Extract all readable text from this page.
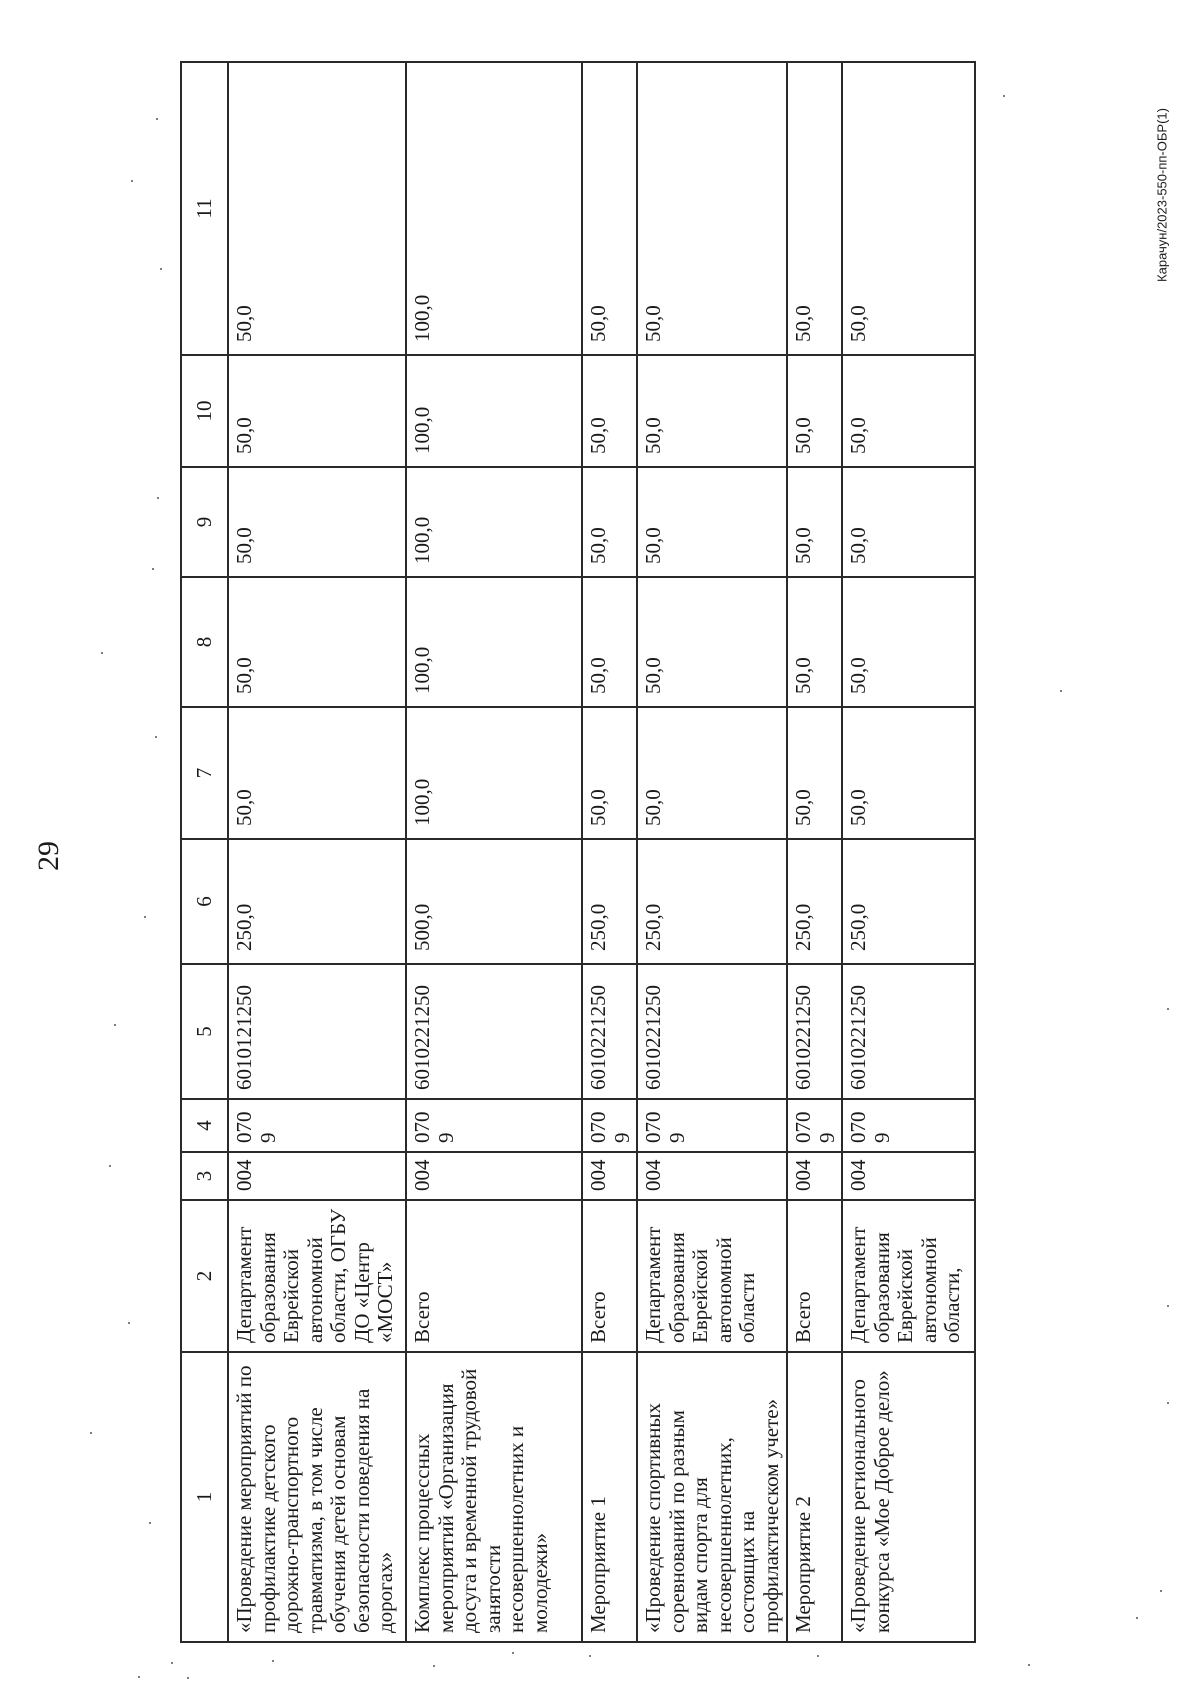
29
Карачун/2023-550-пп-ОБР(1)
1	2	3	4	5	6	7	8	9	10	11
«Проведение мероприятий по профилактике детского дорожно-транспортного травматизма, в том числе обучения детей основам безопасности поведения на дорогах»	Департамент образования Еврейской автономной области, ОГБУ ДО «Центр «МОСТ»	004	0709	6010121250	250,0	50,0	50,0	50,0	50,0	50,0
Комплекс процессных мероприятий «Организация досуга и временной трудовой занятости несовершеннолетних и молодежи»	Всего	004	0709	6010221250	500,0	100,0	100,0	100,0	100,0	100,0
Мероприятие 1	Всего	004	0709	6010221250	250,0	50,0	50,0	50,0	50,0	50,0
«Проведение спортивных соревнований по разным видам спорта для несовершеннолетних, состоящих на профилактическом учете»	Департамент образования Еврейской автономной области	004	0709	6010221250	250,0	50,0	50,0	50,0	50,0	50,0
Мероприятие 2	Всего	004	0709	6010221250	250,0	50,0	50,0	50,0	50,0	50,0
«Проведение регионального конкурса «Мое Доброе дело»	Департамент образования Еврейской автономной области,	004	0709	6010221250	250,0	50,0	50,0	50,0	50,0	50,0
